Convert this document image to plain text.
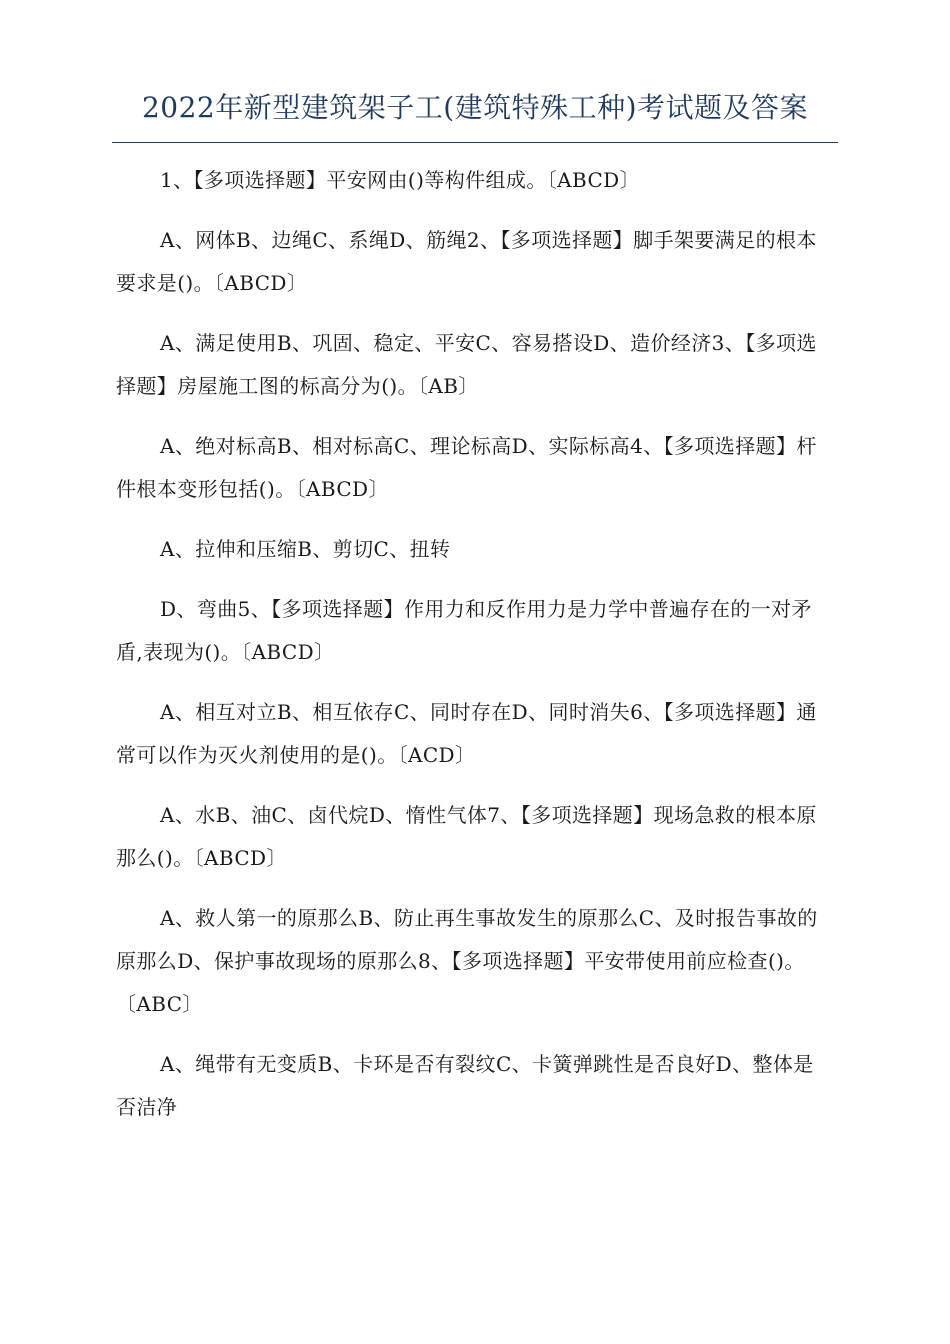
2022年新型建筑架子工(建筑特殊工种)考试题及答案

1、【多项选择题】平安网由()等构件组成。〔ABCD〕

A、网体B、边绳C、系绳D、筋绳2、【多项选择题】脚手架要满足的根本要求是()。〔ABCD〕

A、满足使用B、巩固、稳定、平安C、容易搭设D、造价经济3、【多项选择题】房屋施工图的标高分为()。〔AB〕

A、绝对标高B、相对标高C、理论标高D、实际标高4、【多项选择题】杆件根本变形包括()。〔ABCD〕

A、拉伸和压缩B、剪切C、扭转

D、弯曲5、【多项选择题】作用力和反作用力是力学中普遍存在的一对矛盾,表现为()。〔ABCD〕

A、相互对立B、相互依存C、同时存在D、同时消失6、【多项选择题】通常可以作为灭火剂使用的是()。〔ACD〕

A、水B、油C、卤代烷D、惰性气体7、【多项选择题】现场急救的根本原那么()。〔ABCD〕

A、救人第一的原那么B、防止再生事故发生的原那么C、及时报告事故的原那么D、保护事故现场的原那么8、【多项选择题】平安带使用前应检查()。〔ABC〕

A、绳带有无变质B、卡环是否有裂纹C、卡簧弹跳性是否良好D、整体是否洁净
